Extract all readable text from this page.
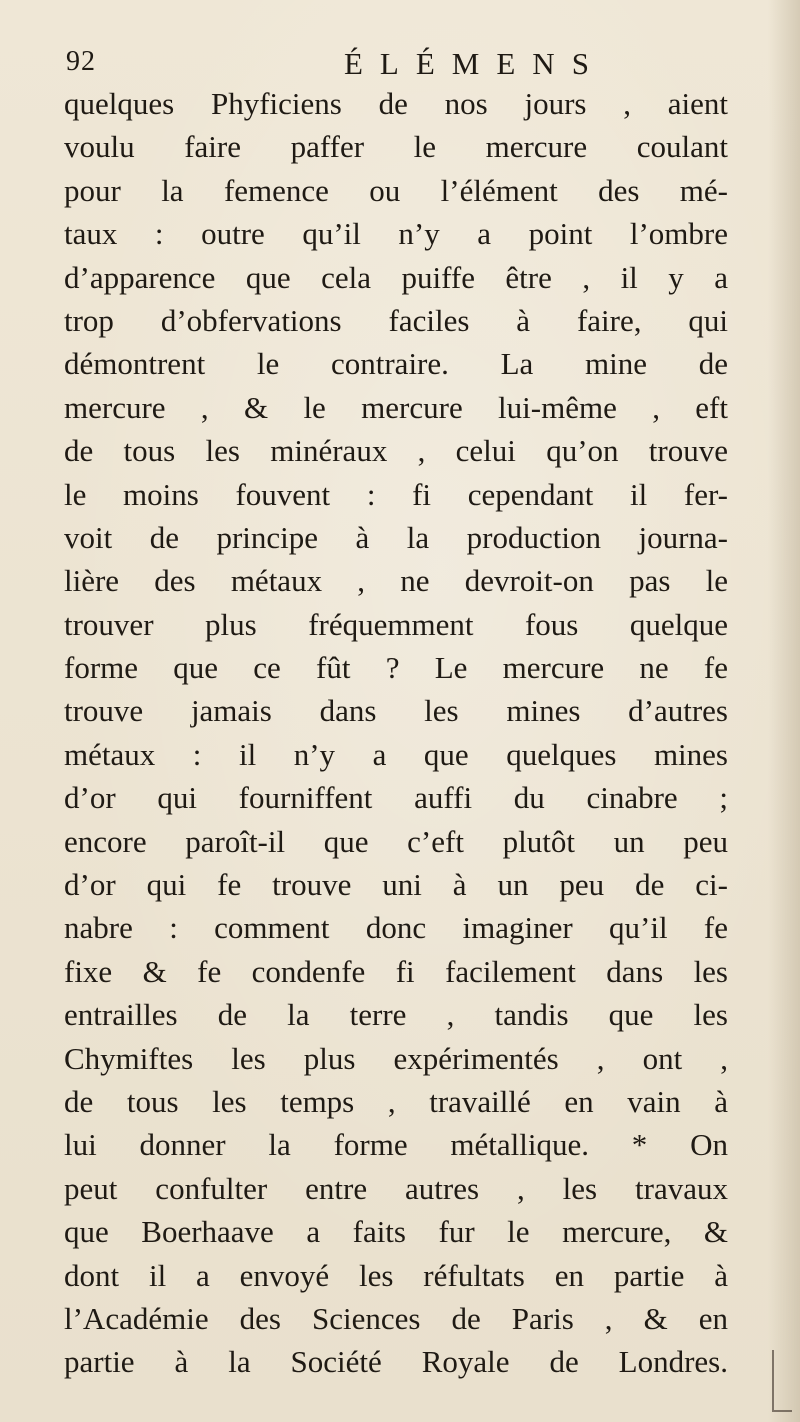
92	ÉLÉMENS
quelques Phyficiens de nos jours , aient
voulu faire paffer le mercure coulant
pour la femence ou l’élément des mé-
taux : outre qu’il n’y a point l’ombre
d’apparence que cela puiffe être , il y a
trop d’obfervations faciles à faire, qui
démontrent le contraire. La mine de
mercure , & le mercure lui-même , eft
de tous les minéraux , celui qu’on trouve
le moins fouvent : fi cependant il fer-
voit de principe à la production journa-
lière des métaux , ne devroit-on pas le
trouver plus fréquemment fous quelque
forme que ce fût ? Le mercure ne fe
trouve jamais dans les mines d’autres
métaux : il n’y a que quelques mines
d’or qui fourniffent auffi du cinabre ;
encore paroît-il que c’eft plutôt un peu
d’or qui fe trouve uni à un peu de ci-
nabre : comment donc imaginer qu’il fe
fixe & fe condenfe fi facilement dans les
entrailles de la terre , tandis que les
Chymiftes les plus expérimentés , ont ,
de tous les temps , travaillé en vain à
lui donner la forme métallique. * On
peut confulter entre autres , les travaux
que Boerhaave a faits fur le mercure, &
dont il a envoyé les réfultats en partie à
l’Académie des Sciences de Paris , & en
partie à la Société Royale de Londres.
